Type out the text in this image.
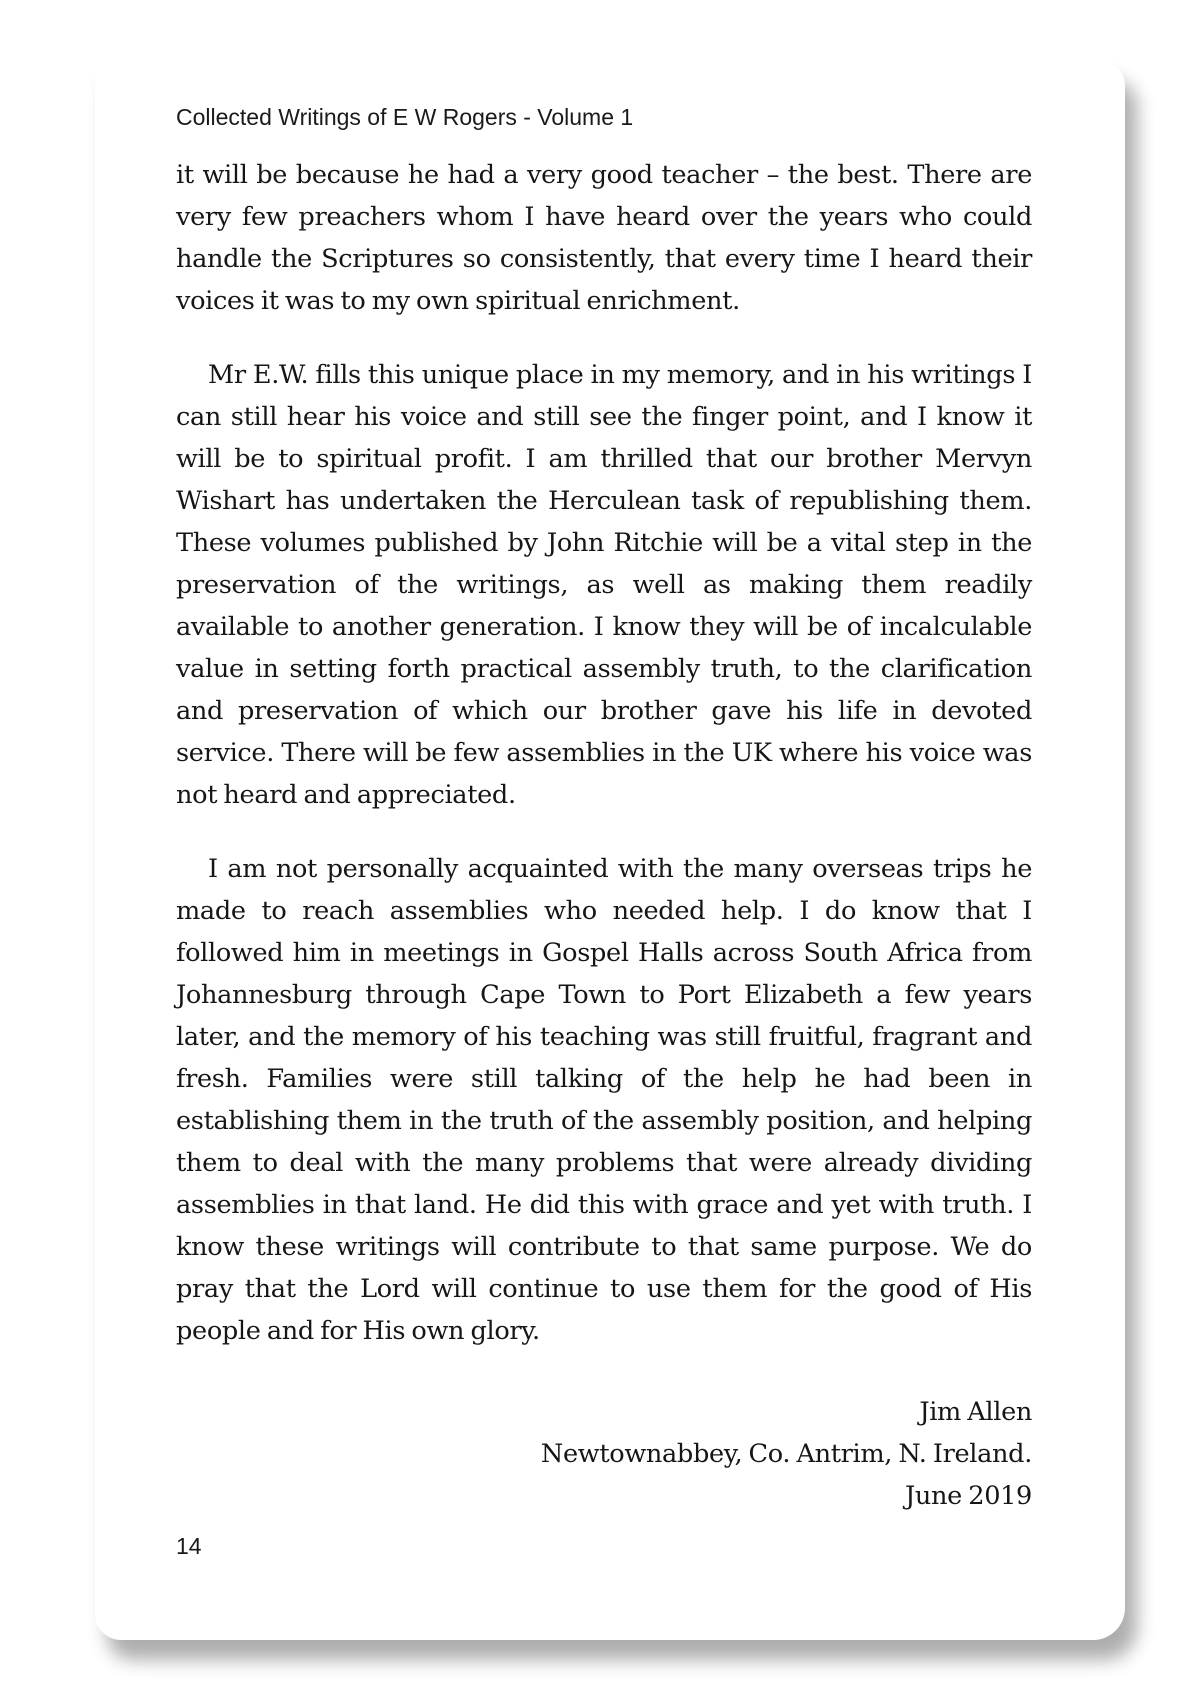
Collected Writings of E W Rogers - Volume 1

it will be because he had a very good teacher – the best. There are very few preachers whom I have heard over the years who could handle the Scriptures so consistently, that every time I heard their voices it was to my own spiritual enrichment.

Mr E.W. fills this unique place in my memory, and in his writings I can still hear his voice and still see the finger point, and I know it will be to spiritual profit. I am thrilled that our brother Mervyn Wishart has undertaken the Herculean task of republishing them. These volumes published by John Ritchie will be a vital step in the preservation of the writings, as well as making them readily available to another generation. I know they will be of incalculable value in setting forth practical assembly truth, to the clarification and preservation of which our brother gave his life in devoted service. There will be few assemblies in the UK where his voice was not heard and appreciated.

I am not personally acquainted with the many overseas trips he made to reach assemblies who needed help. I do know that I followed him in meetings in Gospel Halls across South Africa from Johannesburg through Cape Town to Port Elizabeth a few years later, and the memory of his teaching was still fruitful, fragrant and fresh. Families were still talking of the help he had been in establishing them in the truth of the assembly position, and helping them to deal with the many problems that were already dividing assemblies in that land. He did this with grace and yet with truth. I know these writings will contribute to that same purpose. We do pray that the Lord will continue to use them for the good of His people and for His own glory.

Jim Allen
Newtownabbey, Co. Antrim, N. Ireland.
June 2019
14
